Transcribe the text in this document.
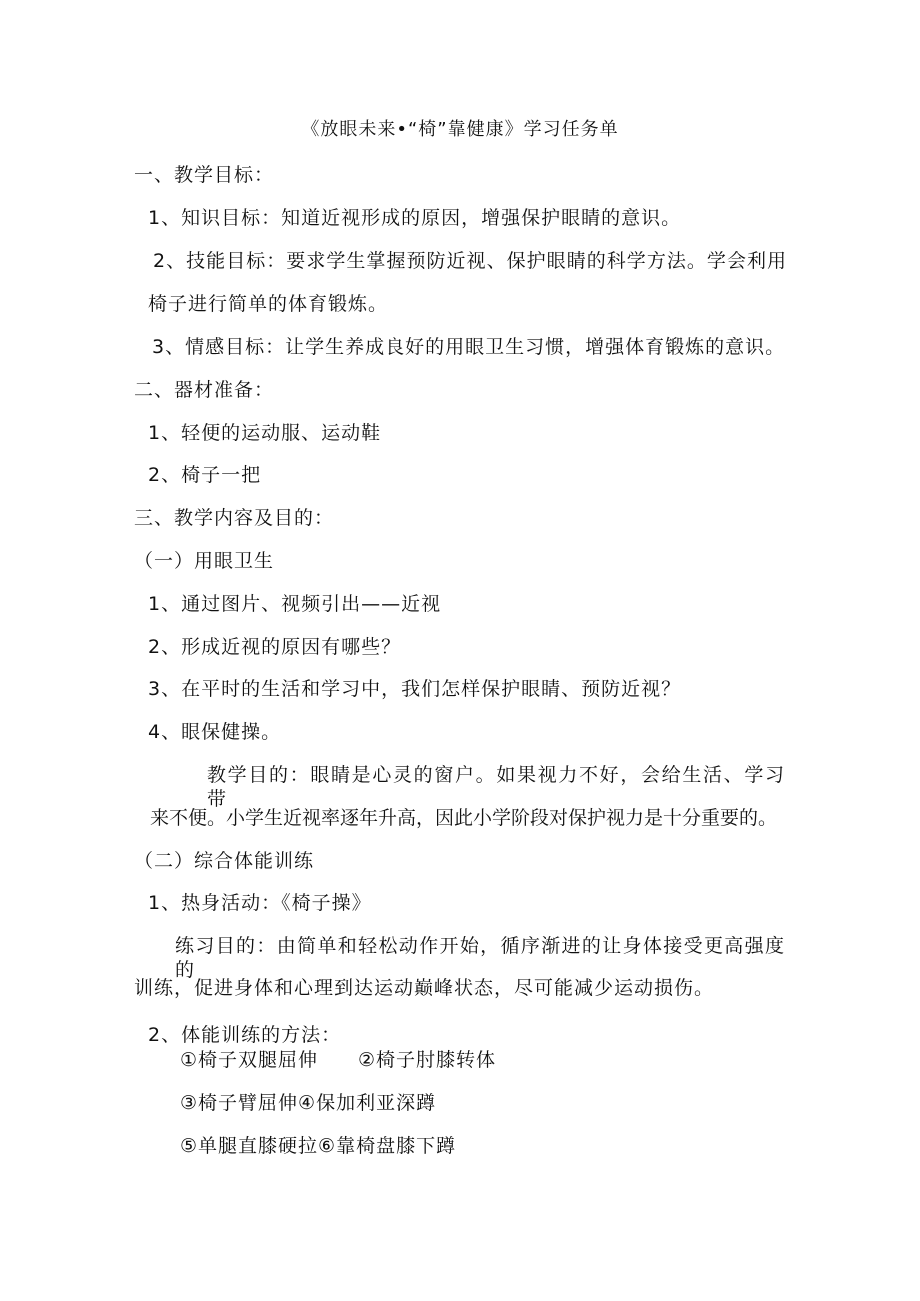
《放眼未来•“椅”靠健康》学习任务单
一、教学目标：
1、知识目标：知道近视形成的原因，增强保护眼睛的意识。
2、技能目标：要求学生掌握预防近视、保护眼睛的科学方法。学会利用
椅子进行简单的体育锻炼。
3、情感目标：让学生养成良好的用眼卫生习惯，增强体育锻炼的意识。
二、器材准备：
1、轻便的运动服、运动鞋
2、椅子一把
三、教学内容及目的：
（一）用眼卫生
1、通过图片、视频引出——近视
2、形成近视的原因有哪些？
3、在平时的生活和学习中，我们怎样保护眼睛、预防近视？
4、眼保健操。
教学目的：眼睛是心灵的窗户。如果视力不好，会给生活、学习带
来不便。小学生近视率逐年升高，因此小学阶段对保护视力是十分重要的。
（二）综合体能训练
1、热身活动：《椅子操》
练习目的：由简单和轻松动作开始，循序渐进的让身体接受更高强度的
训练，促进身体和心理到达运动巅峰状态，尽可能减少运动损伤。
2、体能训练的方法：
①椅子双腿屈伸 ②椅子肘膝转体
③椅子臂屈伸④保加利亚深蹲
⑤单腿直膝硬拉⑥靠椅盘膝下蹲
